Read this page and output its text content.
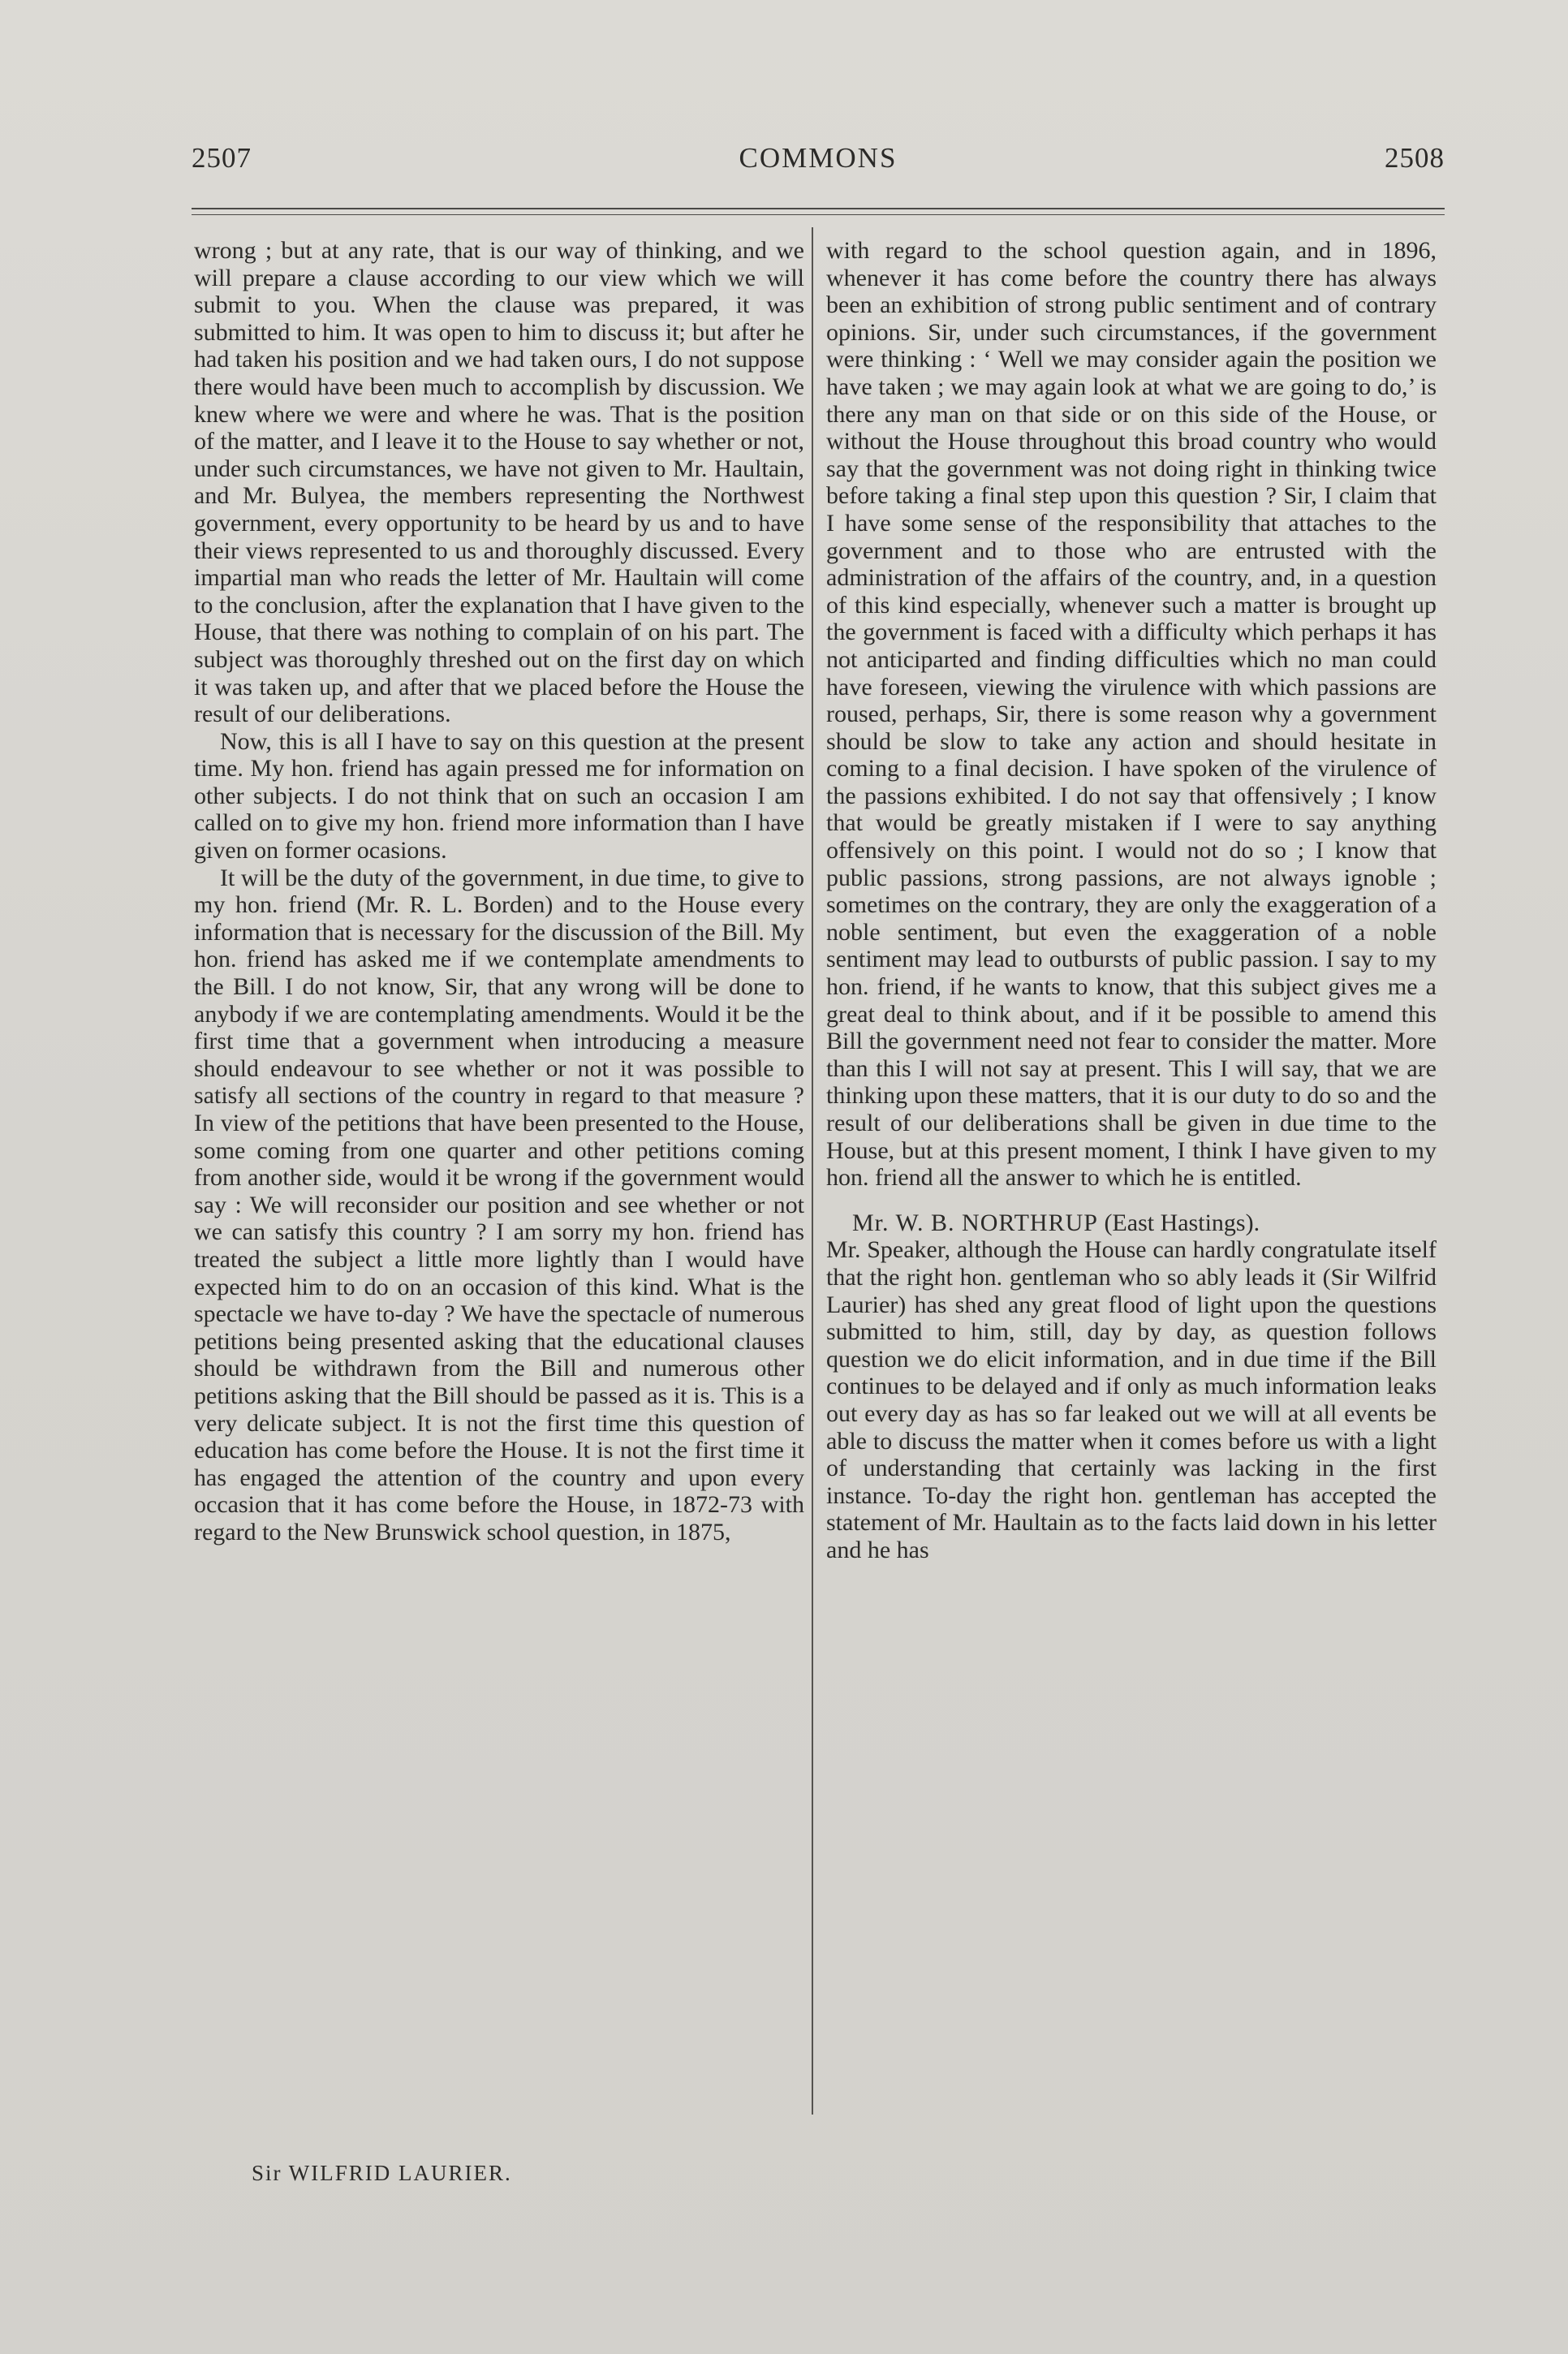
2507	COMMONS	2508

wrong ; but at any rate, that is our way of thinking, and we will prepare a clause according to our view which we will submit to you. When the clause was prepared, it was submitted to him. It was open to him to discuss it; but after he had taken his position and we had taken ours, I do not suppose there would have been much to accomplish by discussion. We knew where we were and where he was. That is the position of the matter, and I leave it to the House to say whether or not, under such circumstances, we have not given to Mr. Haultain, and Mr. Bulyea, the members representing the Northwest government, every opportunity to be heard by us and to have their views represented to us and thoroughly discussed. Every impartial man who reads the letter of Mr. Haultain will come to the conclusion, after the explanation that I have given to the House, that there was nothing to complain of on his part. The subject was thoroughly threshed out on the first day on which it was taken up, and after that we placed before the House the result of our deliberations.

Now, this is all I have to say on this question at the present time. My hon. friend has again pressed me for information on other subjects. I do not think that on such an occasion I am called on to give my hon. friend more information than I have given on former ocasions.

It will be the duty of the government, in due time, to give to my hon. friend (Mr. R. L. Borden) and to the House every information that is necessary for the discussion of the Bill. My hon. friend has asked me if we contemplate amendments to the Bill. I do not know, Sir, that any wrong will be done to anybody if we are contemplating amendments. Would it be the first time that a government when introducing a measure should endeavour to see whether or not it was possible to satisfy all sections of the country in regard to that measure ? In view of the petitions that have been presented to the House, some coming from one quarter and other petitions coming from another side, would it be wrong if the government would say : We will reconsider our position and see whether or not we can satisfy this country ? I am sorry my hon. friend has treated the subject a little more lightly than I would have expected him to do on an occasion of this kind. What is the spectacle we have to-day ? We have the spectacle of numerous petitions being presented asking that the educational clauses should be withdrawn from the Bill and numerous other petitions asking that the Bill should be passed as it is. This is a very delicate subject. It is not the first time this question of education has come before the House. It is not the first time it has engaged the attention of the country and upon every occasion that it has come before the House, in 1872-73 with regard to the New Brunswick school question, in 1875,

with regard to the school question again, and in 1896, whenever it has come before the country there has always been an exhibition of strong public sentiment and of contrary opinions. Sir, under such circumstances, if the government were thinking : ‘ Well we may consider again the position we have taken ; we may again look at what we are going to do,’ is there any man on that side or on this side of the House, or without the House throughout this broad country who would say that the government was not doing right in thinking twice before taking a final step upon this question ? Sir, I claim that I have some sense of the responsibility that attaches to the government and to those who are entrusted with the administration of the affairs of the country, and, in a question of this kind especially, whenever such a matter is brought up the government is faced with a difficulty which perhaps it has not anticiparted and finding difficulties which no man could have foreseen, viewing the virulence with which passions are roused, perhaps, Sir, there is some reason why a government should be slow to take any action and should hesitate in coming to a final decision. I have spoken of the virulence of the passions exhibited. I do not say that offensively ; I know that would be greatly mistaken if I were to say anything offensively on this point. I would not do so ; I know that public passions, strong passions, are not always ignoble ; sometimes on the contrary, they are only the exaggeration of a noble sentiment, but even the exaggeration of a noble sentiment may lead to outbursts of public passion. I say to my hon. friend, if he wants to know, that this subject gives me a great deal to think about, and if it be possible to amend this Bill the government need not fear to consider the matter. More than this I will not say at present. This I will say, that we are thinking upon these matters, that it is our duty to do so and the result of our deliberations shall be given in due time to the House, but at this present moment, I think I have given to my hon. friend all the answer to which he is entitled.

Mr. W. B. NORTHRUP (East Hastings).

Mr. Speaker, although the House can hardly congratulate itself that the right hon. gentleman who so ably leads it (Sir Wilfrid Laurier) has shed any great flood of light upon the questions submitted to him, still, day by day, as question follows question we do elicit information, and in due time if the Bill continues to be delayed and if only as much information leaks out every day as has so far leaked out we will at all events be able to discuss the matter when it comes before us with a light of understanding that certainly was lacking in the first instance. To-day the right hon. gentleman has accepted the statement of Mr. Haultain as to the facts laid down in his letter and he has

Sir WILFRID LAURIER.
